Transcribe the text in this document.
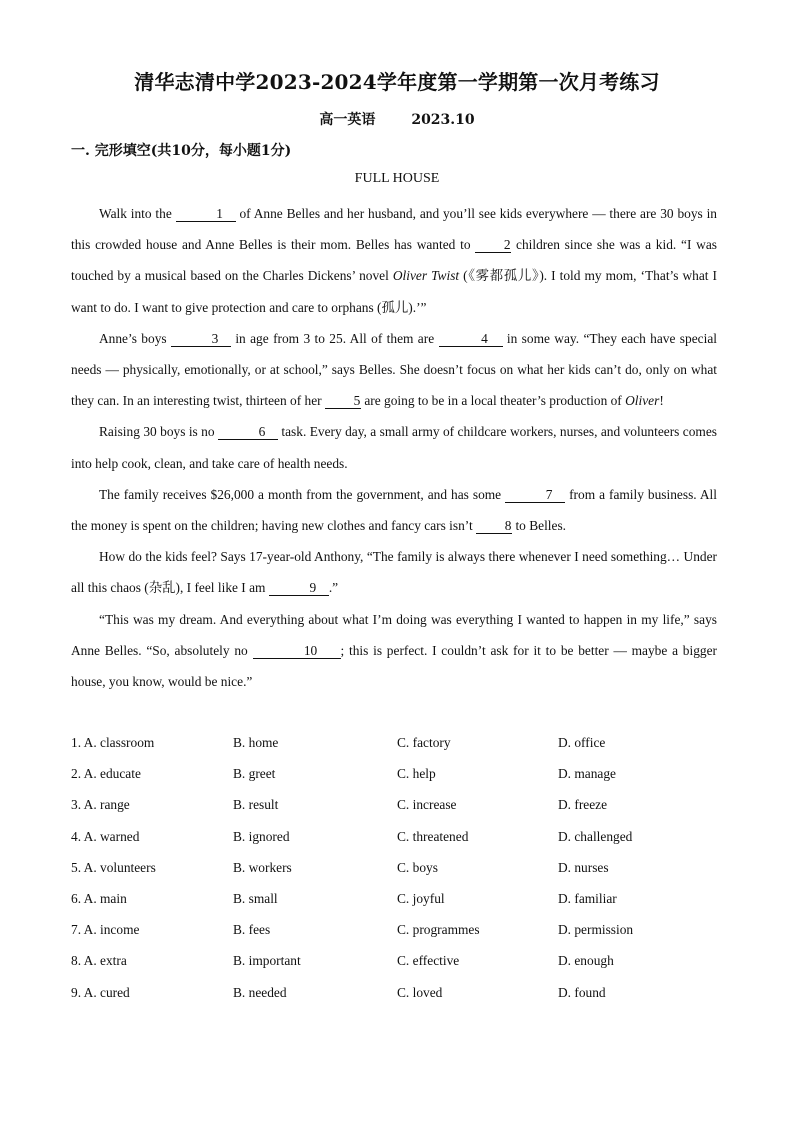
清华志清中学2023-2024学年度第一学期第一次月考练习
高一英语	2023.10
一. 完形填空(共10分，每小题1分)
FULL HOUSE

Walk into the	1 of Anne Belles and her husband, and you’ll see kids everywhere — there are 30 boys in this crowded house and Anne Belles is their mom. Belles has wanted to 2 children since she was a kid. “I was touched by a musical based on the Charles Dickens’ novel Oliver Twist (《雾都孤儿》). I told my mom, ‘That’s what I want to do. I want to give protection and care to orphans (孤儿).’”

Anne’s boys	3 in age from 3 to 25. All of them are	4 in some way. “They each have special needs — physically, emotionally, or at school,” says Belles. She doesn’t focus on what her kids can’t do, only on what they can. In an interesting twist, thirteen of her 5 are going to be in a local theater’s production of Oliver!

Raising 30 boys is no	6 task. Every day, a small army of childcare workers, nurses, and volunteers comes into help cook, clean, and take care of health needs.

The family receives $26,000 a month from the government, and has some	7 from a family business. All the money is spent on the children; having new clothes and fancy cars isn’t 8 to Belles.

How do the kids feel? Says 17-year-old Anthony, “The family is always there whenever I need something… Under all this chaos (杂乱), I feel like I am	9 .”

“This was my dream. And everything about what I’m doing was everything I wanted to happen in my life,” says Anne Belles. “So, absolutely no	10 ; this is perfect. I couldn’t ask for it to be better — maybe a bigger house, you know, would be nice.”

1. A. classroom	B. home	C. factory	D. office
2. A. educate	B. greet	C. help	D. manage
3. A. range	B. result	C. increase	D. freeze
4. A. warned	B. ignored	C. threatened	D. challenged
5. A. volunteers	B. workers	C. boys	D. nurses
6. A. main	B. small	C. joyful	D. familiar
7. A. income	B. fees	C. programmes	D. permission
8. A. extra	B. important	C. effective	D. enough
9. A. cured	B. needed	C. loved	D. found
